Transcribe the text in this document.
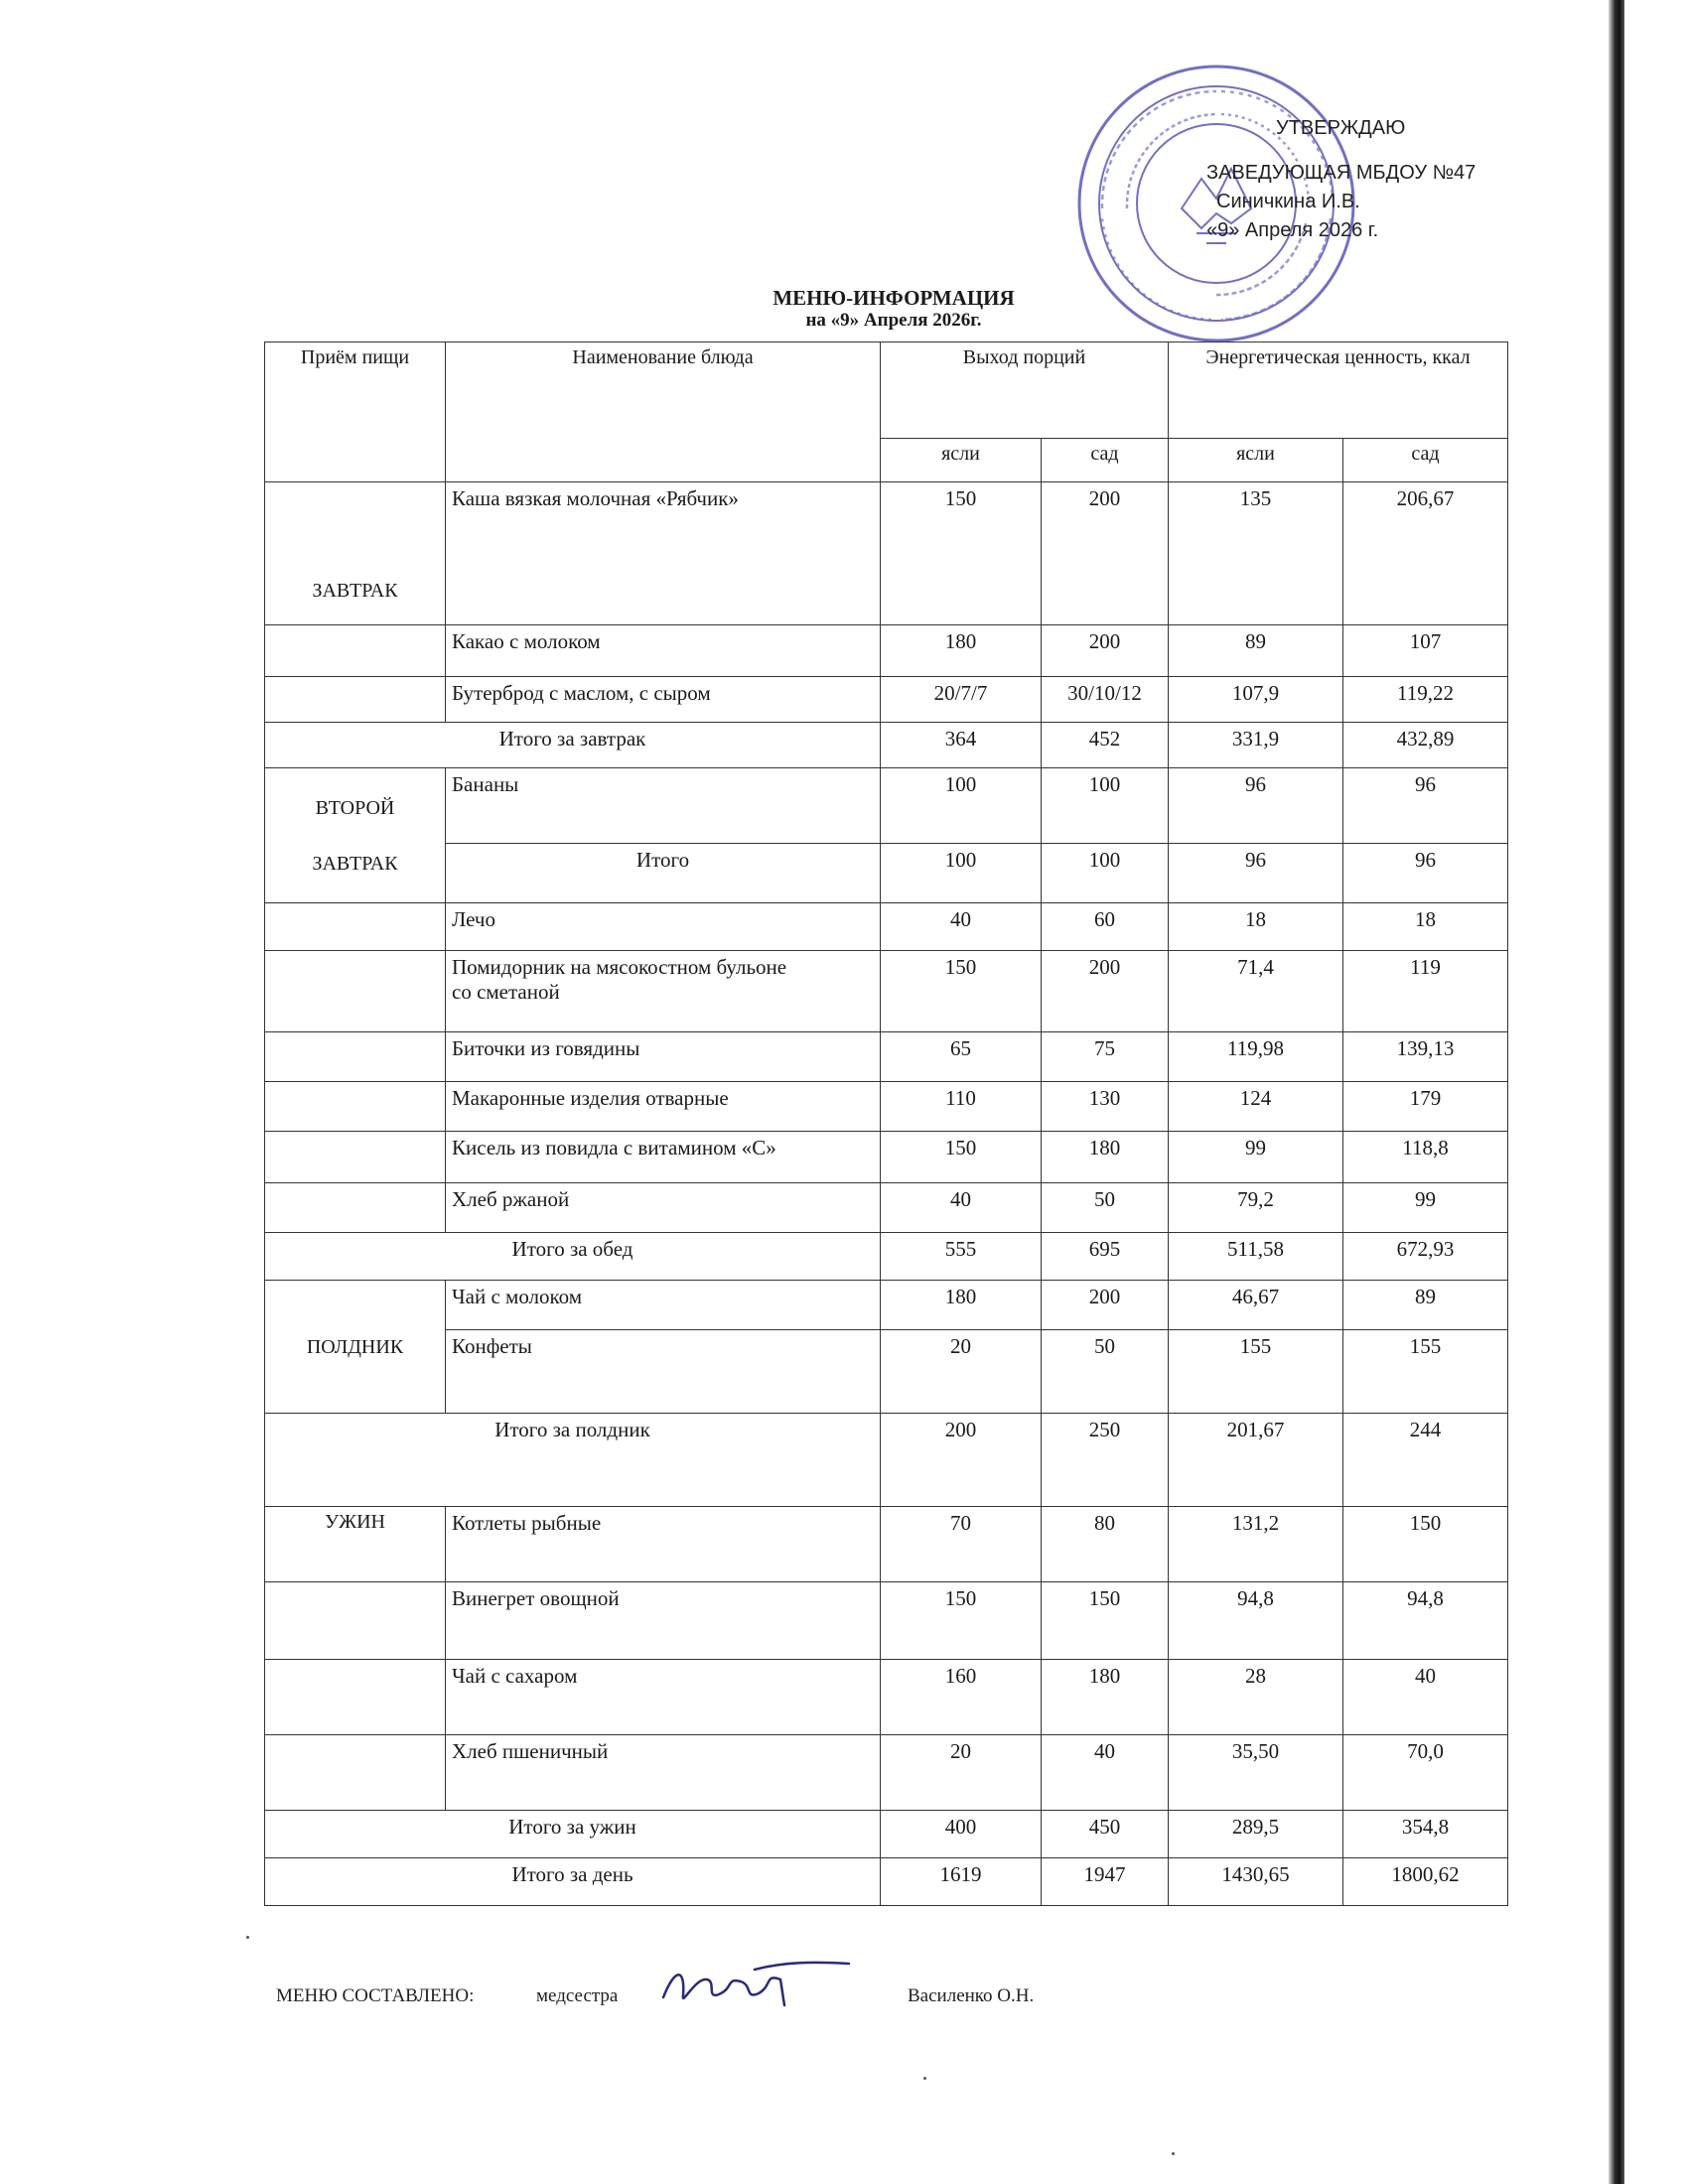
УТВЕРЖДАЮ
ЗАВЕДУЮЩАЯ МБДОУ №47
Синичкина И.В.
«9» Апреля 2026 г.
МЕНЮ-ИНФОРМАЦИЯ
на «9» Апреля 2026г.
Приём пищи	Наименование блюда	Выход порций		Энергетическая ценность, ккал	
		ясли	сад	ясли	сад
ЗАВТРАК	Каша вязкая молочная «Рябчик»	150	200	135	206,67
	Какао с молоком	180	200	89	107
	Бутерброд с маслом, с сыром	20/7/7	30/10/12	107,9	119,22
Итого за завтрак		364	452	331,9	432,89
ВТОРОЙ
ЗАВТРАК	Бананы	100	100	96	96
	Итого	100	100	96	96
	Лечо	40	60	18	18
	Помидорник на мясокостном бульоне со сметаной	150	200	71,4	119
	Биточки из говядины	65	75	119,98	139,13
	Макаронные изделия отварные	110	130	124	179
	Кисель из повидла с витамином «С»	150	180	99	118,8
	Хлеб ржаной	40	50	79,2	99
Итого за обед		555	695	511,58	672,93
ПОЛДНИК	Чай с молоком	180	200	46,67	89
	Конфеты	20	50	155	155
Итого за полдник		200	250	201,67	244
УЖИН	Котлеты рыбные	70	80	131,2	150
	Винегрет овощной	150	150	94,8	94,8
	Чай с сахаром	160	180	28	40
	Хлеб пшеничный	20	40	35,50	70,0
Итого за ужин		400	450	289,5	354,8
Итого за день		1619	1947	1430,65	1800,62
МЕНЮ СОСТАВЛЕНО:	медсестра	Василенко О.Н.
